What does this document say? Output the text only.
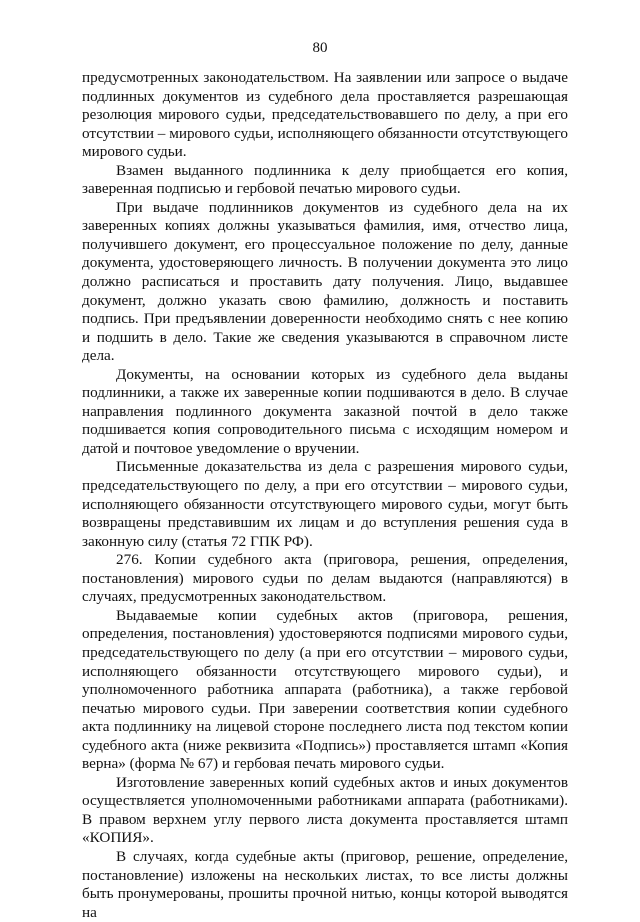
80

предусмотренных законодательством. На заявлении или запросе о выдаче подлинных документов из судебного дела проставляется разрешающая резолюция мирового судьи, председательствовавшего по делу, а при его отсутствии – мирового судьи, исполняющего обязанности отсутствующего мирового судьи.

Взамен выданного подлинника к делу приобщается его копия, заверенная подписью и гербовой печатью мирового судьи.

При выдаче подлинников документов из судебного дела на их заверенных копиях должны указываться фамилия, имя, отчество лица, получившего документ, его процессуальное положение по делу, данные документа, удостоверяющего личность. В получении документа это лицо должно расписаться и проставить дату получения. Лицо, выдавшее документ, должно указать свою фамилию, должность и поставить подпись. При предъявлении доверенности необходимо снять с нее копию и подшить в дело. Такие же сведения указываются в справочном листе дела.

Документы, на основании которых из судебного дела выданы подлинники, а также их заверенные копии подшиваются в дело. В случае направления подлинного документа заказной почтой в дело также подшивается копия сопроводительного письма с исходящим номером и датой и почтовое уведомление о вручении.

Письменные доказательства из дела с разрешения мирового судьи, председательствующего по делу, а при его отсутствии – мирового судьи, исполняющего обязанности отсутствующего мирового судьи, могут быть возвращены представившим их лицам и до вступления решения суда в законную силу (статья 72 ГПК РФ).

276. Копии судебного акта (приговора, решения, определения, постановления) мирового судьи по делам выдаются (направляются) в случаях, предусмотренных законодательством.

Выдаваемые копии судебных актов (приговора, решения, определения, постановления) удостоверяются подписями мирового судьи, председательствующего по делу (а при его отсутствии – мирового судьи, исполняющего обязанности отсутствующего мирового судьи), и уполномоченного работника аппарата (работника), а также гербовой печатью мирового судьи. При заверении соответствия копии судебного акта подлиннику на лицевой стороне последнего листа под текстом копии судебного акта (ниже реквизита «Подпись») проставляется штамп «Копия верна» (форма № 67) и гербовая печать мирового судьи.

Изготовление заверенных копий судебных актов и иных документов осуществляется уполномоченными работниками аппарата (работниками). В правом верхнем углу первого листа документа проставляется штамп «КОПИЯ».

В случаях, когда судебные акты (приговор, решение, определение, постановление) изложены на нескольких листах, то все листы должны быть пронумерованы, прошиты прочной нитью, концы которой выводятся на
